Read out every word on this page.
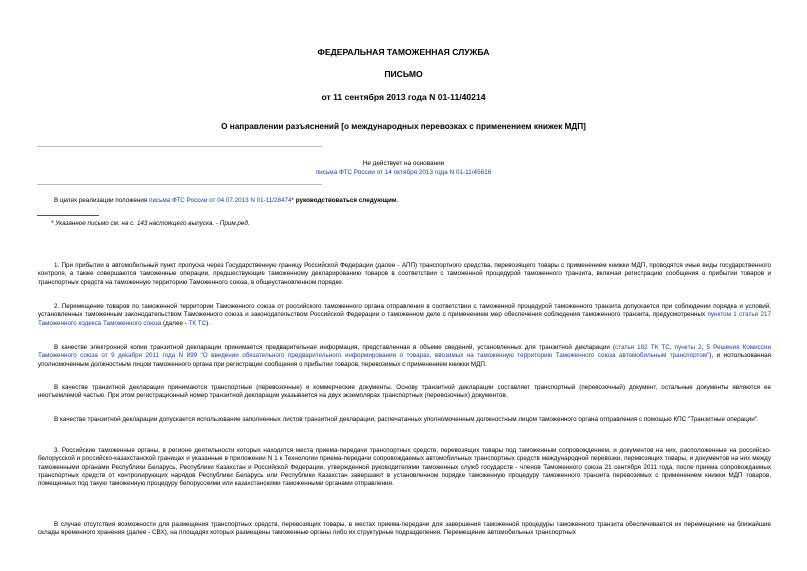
ФЕДЕРАЛЬНАЯ ТАМОЖЕННАЯ СЛУЖБА
ПИСЬМО
от 11 сентября 2013 года N 01-11/40214
О направлении разъяснений [о международных перевозках с применением книжек МДП]
Не действует на основании
письма ФТС России от 14 октября 2013 года N 01-11/45616
В целях реализации положения письма ФТС России от 04.07.2013 N 01-11/28474* руководствоваться следующим.
* Указанное письмо см. на с. 143 настоящего выпуска. - Прим.ред.
1. При прибытии в автомобильный пункт пропуска через Государственную границу Российской Федерации (далее - АПП) транспортного средства, перевозящего товары с применением книжки МДП, проводятся иные виды государственного контроля, а также совершаются таможенные операции, предшествующие таможенному декларированию товаров в соответствии с таможенной процедурой таможенного транзита, включая регистрацию сообщения о прибытии товаров и транспортных средств на таможенную территорию Таможенного союза, в общеустановленном порядке.
2. Перемещение товаров по таможенной территории Таможенного союза от российского таможенного органа отправления в соответствии с таможенной процедурой таможенного транзита допускается при соблюдении порядка и условий, установленных таможенным законодательством Таможенного союза и законодательством Российской Федерации о таможенном деле с применением мер обеспечения соблюдения таможенного транзита, предусмотренных пунктом 1 статьи 217 Таможенного кодекса Таможенного союза (далее - ТК ТС).
В качестве электронной копии транзитной декларации принимается предварительная информация, представленная в объеме сведений, установленных для транзитной декларации (статья 182 ТК ТС, пункты 2, 5 Решения Комиссии Таможенного союза от 9 декабря 2011 года N 899 "О введении обязательного предварительного информирования о товарах, ввозимых на таможенную территорию Таможенного союза автомобильным транспортом"), и использованная уполномоченным должностным лицом таможенного органа при регистрации сообщения о прибытии товаров, перевозимых с применением книжки МДП.
В качестве транзитной декларации принимаются транспортные (перевозочные) и коммерческие документы. Основу транзитной декларации составляет транспортный (перевозочный) документ, остальные документы являются ее неотъемлемой частью. При этом регистрационный номер транзитной декларации указывается на двух экземплярах транспортных (перевозочных) документов.
В качестве транзитной декларации допускается использование заполненных листов транзитной декларации, распечатанных уполномоченным должностным лицом таможенного органа отправления с помощью КПС "Транзитные операции".
3. Российские таможенные органы, в регионе деятельности которых находятся места приема-передачи транспортных средств, перевозящих товары под таможенным сопровождением, и документов на них, расположенные на российско-белорусской и российско-казахстанской границах и указанные в приложении N 1 к Технологии приема-передачи сопровождаемых автомобильных транспортных средств международной перевозки, перевозящих товары, и документов на них между таможенными органами Республики Беларусь, Республики Казахстан и Российской Федерации, утвержденной руководителями таможенных служб государств - членов Таможенного союза 21 сентября 2011 года, после приема сопровождаемых транспортных средств от контролирующих нарядов Республики Беларусь или Республики Казахстан завершают в установленном порядке таможенную процедуру таможенного транзита перевозимых с применением книжки МДП товаров, помещенных под такую таможенную процедуру белорусскими или казахстанскими таможенными органами отправления.
В случае отсутствия возможности для размещения транспортных средств, перевозящих товары, в местах приема-передачи для завершения таможенной процедуры таможенного транзита обеспечивается их перемещение на ближайшие склады временного хранения (далее - СВХ), на площадях которых размещены таможенные органы либо их структурные подразделения. Перемещение автомобильных транспортных
